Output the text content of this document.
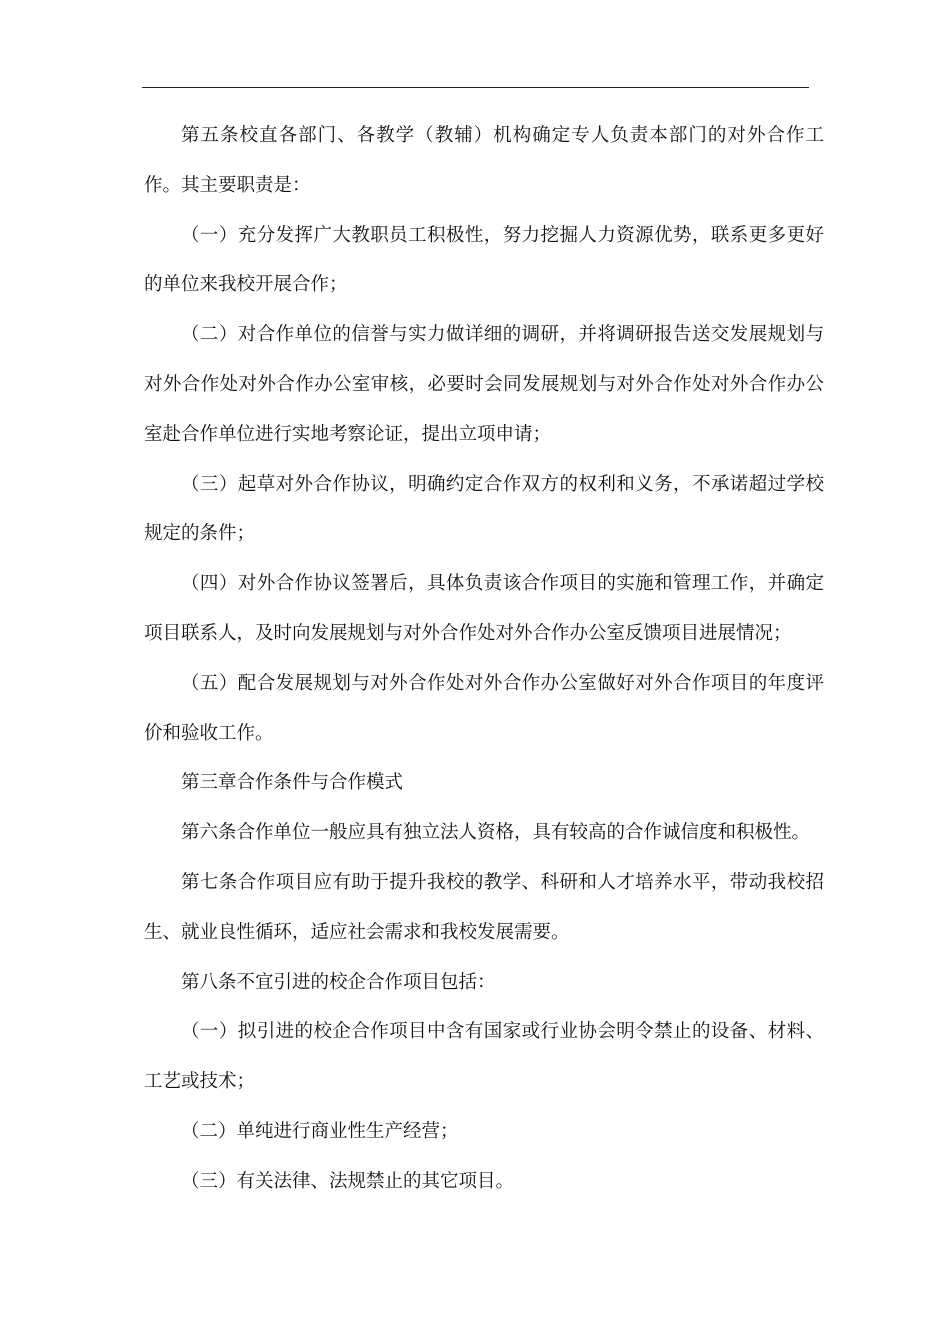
第五条校直各部门、各教学（教辅）机构确定专人负责本部门的对外合作工作。其主要职责是：

（一）充分发挥广大教职员工积极性，努力挖掘人力资源优势，联系更多更好的单位来我校开展合作；

（二）对合作单位的信誉与实力做详细的调研，并将调研报告送交发展规划与对外合作处对外合作办公室审核，必要时会同发展规划与对外合作处对外合作办公室赴合作单位进行实地考察论证，提出立项申请；

（三）起草对外合作协议，明确约定合作双方的权利和义务，不承诺超过学校规定的条件；

（四）对外合作协议签署后，具体负责该合作项目的实施和管理工作，并确定项目联系人，及时向发展规划与对外合作处对外合作办公室反馈项目进展情况；

（五）配合发展规划与对外合作处对外合作办公室做好对外合作项目的年度评价和验收工作。

第三章合作条件与合作模式

第六条合作单位一般应具有独立法人资格，具有较高的合作诚信度和积极性。

第七条合作项目应有助于提升我校的教学、科研和人才培养水平，带动我校招生、就业良性循环，适应社会需求和我校发展需要。

第八条不宜引进的校企合作项目包括：

（一）拟引进的校企合作项目中含有国家或行业协会明令禁止的设备、材料、工艺或技术；

（二）单纯进行商业性生产经营；

（三）有关法律、法规禁止的其它项目。
